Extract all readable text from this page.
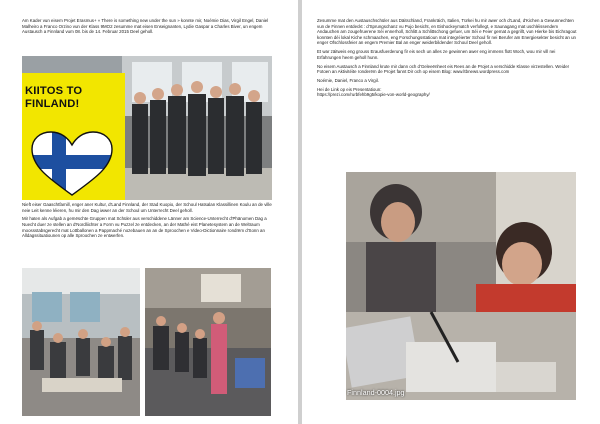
Am Kader vun eisem Projet Erasmus+ « There is something new under the sun » konnte mir, Noémie Dias, Virgil Engel, Daniel Malheiro a Franco Orzino vun der Klass 9MO2 zesumme mat eisen Enseignanten, Lydie Gaspar a Charles Biver, un engem Austausch a Finnland vum 08. bis de 14. Februar 2015 Deel geholl.

KIITOS TO FINLAND!

Nieft eiser Gaaschtfamill, enger aner Kultur, d'Land Finnland, der Stad Kuopio, der Schoul Hatsalan Klassillinen Koulu an de ville neie Leit kenne léieren, hu mir den Dag iwwer an der Schoul um Unterrecht Deel geholl.

Mir haten als Aufgab a gemëschte Gruppen mat Schüler aus verschiddene Länner am Science-Unterrecht d'Phänomen Dag a Nuecht duer ze stellen an d'Nordliichter a Form vu Puzzel ze entdecken, an der Mathé eist Planetesystem an de Weltraum moossstabsgerecht mat Lottballonen a Pappmaché nozebauen an an de Sproochen e Video-Dictionnaire rondrëm d'Sonn an Alldagssituatiounen op alle Sproochen ze entwerfen.

Zesumme mat den Austauschschüler aus Däitschland, Frankräich, Italien, Türkei hu mir awer och d'Land, d'Kichen a Gewunnechten vun de Finnen entdeckt : d'Sprungschanz vu Pujo besicht, en Eishockeymatch verfollegt, e Saunagang mat uschléissendem Andauchen am zougefruerene Séi ennerholl, Schlitt a Schlittschong gefuer, um Séi e Feier gemat a gegrillt, vun Hierke bis Eichragout konnten déi lokal Kiche schmaachen, eng Forschungsstatioun mat integréierter Schoul fir nei Berufer am Energiesekter besicht an un enger Ofschlossfeier an engem Premier Bal an enger weiderbildender Schoul Deel geholl.

Et war zäitweis eng grouss Erausfuerderung fir eis sech un alles ze gewinnen awer eng immens flott Woch, wou mir vill nei Erfahrungen heem geholl hunn.

No eisem Austausch a Finnland krute mir dann och d'Geleeënheet eis Rees an de Projet a verschidde Klasse virzestellen. Weider Fotoen an Aktivitéite ronderëm de Projet fannt Dir och op eisem Blog: www.ltbnews.wordpress.com

Noémie, Daniel, Franco a Virgil.

Hei de Link op eis Presentatioun:

https://prezi.com/rurbfehb9g5/kopie-von-world-geography/

Finnland-0004.jpg
